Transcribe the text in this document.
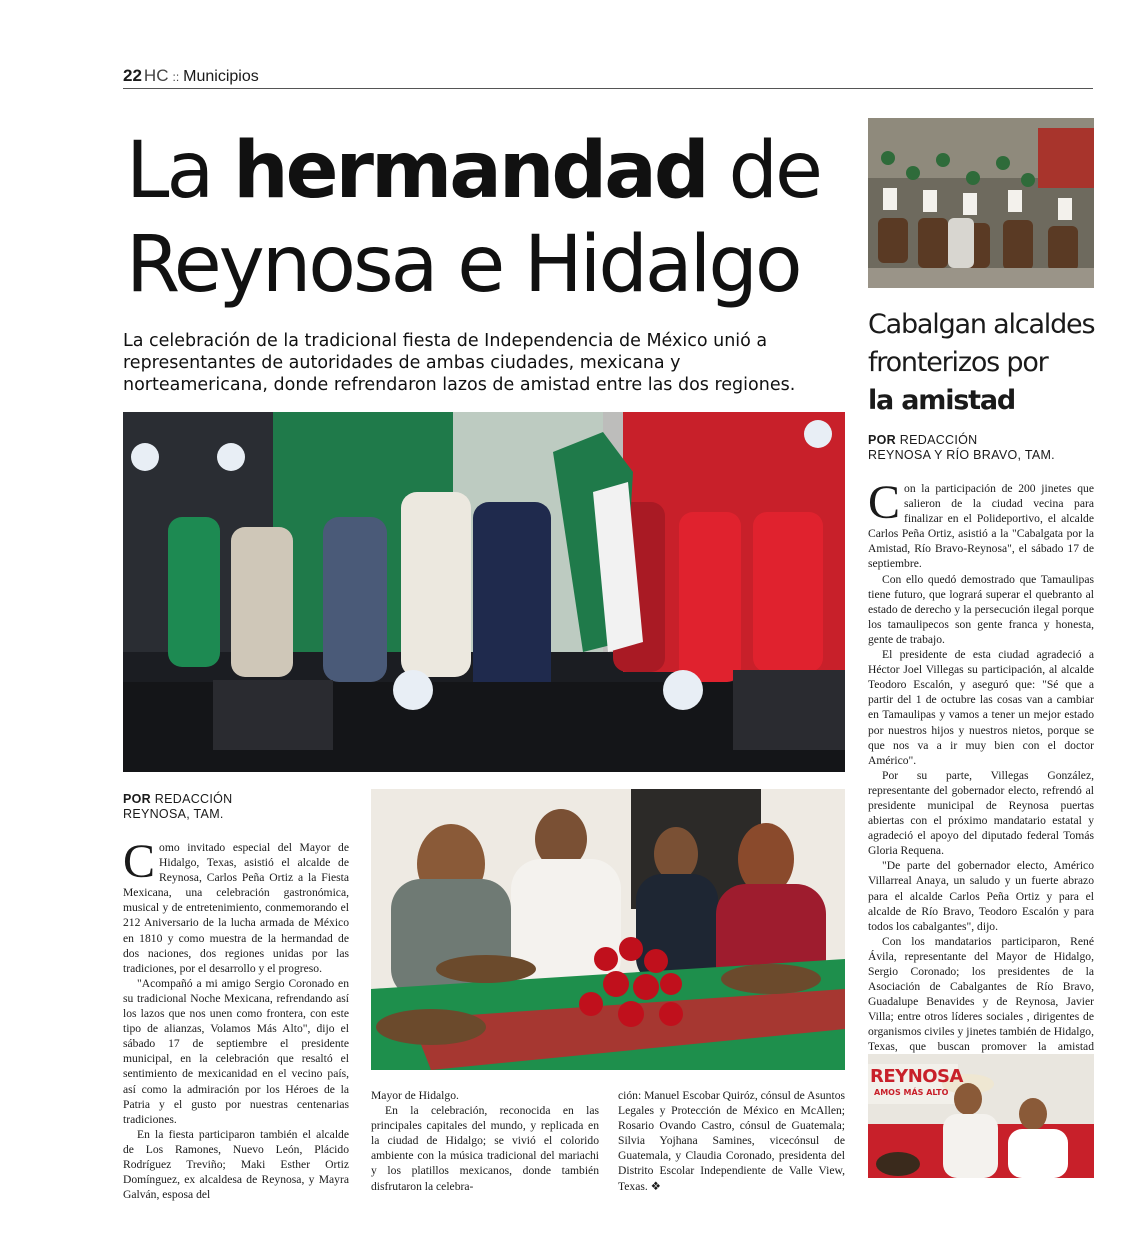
22 HC :: Municipios
La hermandad de
Reynosa e Hidalgo
La celebración de la tradicional fiesta de Independencia de México unió a representantes de autoridades de ambas ciudades, mexicana y norteamericana, donde refrendaron lazos de amistad entre las dos regiones.
POR REDACCIÓN
REYNOSA, TAM.

Como invitado especial del Mayor de Hidalgo, Texas, asistió el alcalde de Reynosa, Carlos Peña Ortiz a la Fiesta Mexicana, una celebración gastronómica, musical y de entretenimiento, conmemorando el 212 Aniversario de la lucha armada de México en 1810 y como muestra de la hermandad de dos naciones, dos regiones unidas por las tradiciones, por el desarrollo y el progreso.

"Acompañó a mi amigo Sergio Coronado en su tradicional Noche Mexicana, refrendando así los lazos que nos unen como frontera, con este tipo de alianzas, Volamos Más Alto", dijo el sábado 17 de septiembre el presidente municipal, en la celebración que resaltó el sentimiento de mexicanidad en el vecino país, así como la admiración por los Héroes de la Patria y el gusto por nuestras centenarias tradiciones.

En la fiesta participaron también el alcalde de Los Ramones, Nuevo León, Plácido Rodríguez Treviño; Maki Esther Ortiz Domínguez, ex alcaldesa de Reynosa, y Mayra Galván, esposa del

Mayor de Hidalgo.

En la celebración, reconocida en las principales capitales del mundo, y replicada en la ciudad de Hidalgo; se vivió el colorido ambiente con la música tradicional del mariachi y los platillos mexicanos, donde también disfrutaron la celebra-

ción: Manuel Escobar Quiróz, cónsul de Asuntos Legales y Protección de México en McAllen; Rosario Ovando Castro, cónsul de Guatemala; Silvia Yojhana Samines, vicecónsul de Guatemala, y Claudia Coronado, presidenta del Distrito Escolar Independiente de Valle View, Texas. ❖

Cabalgan alcaldes
fronterizos por
la amistad
POR REDACCIÓN
REYNOSA Y RÍO BRAVO, TAM.

Con la participación de 200 jinetes que salieron de la ciudad vecina para finalizar en el Polideportivo, el alcalde Carlos Peña Ortiz, asistió a la "Cabalgata por la Amistad, Río Bravo-Reynosa", el sábado 17 de septiembre.

Con ello quedó demostrado que Tamaulipas tiene futuro, que logrará superar el quebranto al estado de derecho y la persecución ilegal porque los tamaulipecos son gente franca y honesta, gente de trabajo.

El presidente de esta ciudad agradeció a Héctor Joel Villegas su participación, al alcalde Teodoro Escalón, y aseguró que: "Sé que a partir del 1 de octubre las cosas van a cambiar en Tamaulipas y vamos a tener un mejor estado por nuestros hijos y nuestros nietos, porque se que nos va a ir muy bien con el doctor Américo".

Por su parte, Villegas González, representante del gobernador electo, refrendó al presidente municipal de Reynosa puertas abiertas con el próximo mandatario estatal y agradeció el apoyo del diputado federal Tomás Gloria Requena.

"De parte del gobernador electo, Américo Villarreal Anaya, un saludo y un fuerte abrazo para el alcalde Carlos Peña Ortiz y para el alcalde de Río Bravo, Teodoro Escalón y para todos los cabalgantes", dijo.

Con los mandatarios participaron, René Ávila, representante del Mayor de Hidalgo, Sergio Coronado; los presidentes de la Asociación de Cabalgantes de Río Bravo, Guadalupe Benavides y de Reynosa, Javier Villa; entre otros líderes sociales , dirigentes de organismos civiles y jinetes también de Hidalgo, Texas, que buscan promover la amistad

REYNOSA
AMOS MÁS ALTO
